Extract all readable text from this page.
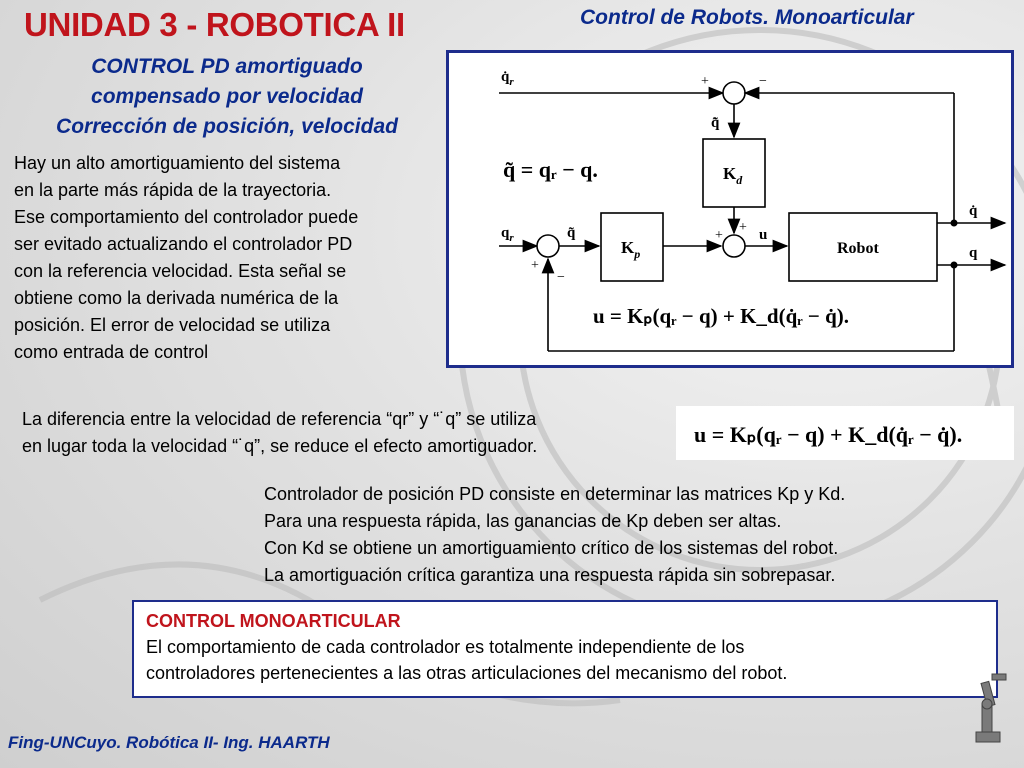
UNIDAD 3 - ROBOTICA II	Control de Robots. Monoarticular
CONTROL PD amortiguado
compensado por velocidad
Corrección de posición, velocidad
Hay un alto amortiguamiento del sistema
en la parte más rápida de la trayectoria.
Ese comportamiento del controlador puede
ser evitado actualizando el controlador PD
con la referencia velocidad. Esta señal se
obtiene como la derivada numérica de la
posición. El error de velocidad se utiliza
como entrada de control
$q̇_r$
$q_r$	q̃
q̃̇
$K_d$
$K_p$	Robot
u
q̇
q
+	−
+
+
+
−
q̃ = qᵣ − q.
u = Kₚ(qᵣ − q) + K_d(q̇ᵣ − q̇).
La diferencia entre la velocidad de referencia “qr” y “˙q” se utiliza
en lugar toda la velocidad “˙q”, se reduce el efecto amortiguador.	u = Kₚ(qᵣ − q) + K_d(q̇ᵣ − q̇).
Controlador de posición PD consiste en determinar las matrices Kp y Kd.
Para una respuesta rápida, las ganancias de Kp deben ser altas.
Con Kd se obtiene un amortiguamiento crítico de los sistemas del robot.
La amortiguación crítica garantiza una respuesta rápida sin sobrepasar.
CONTROL MONOARTICULAR
El comportamiento de cada controlador es totalmente independiente de los
controladores pertenecientes a las otras articulaciones del mecanismo del robot.
Fing-UNCuyo. Robótica II- Ing. HAARTH
